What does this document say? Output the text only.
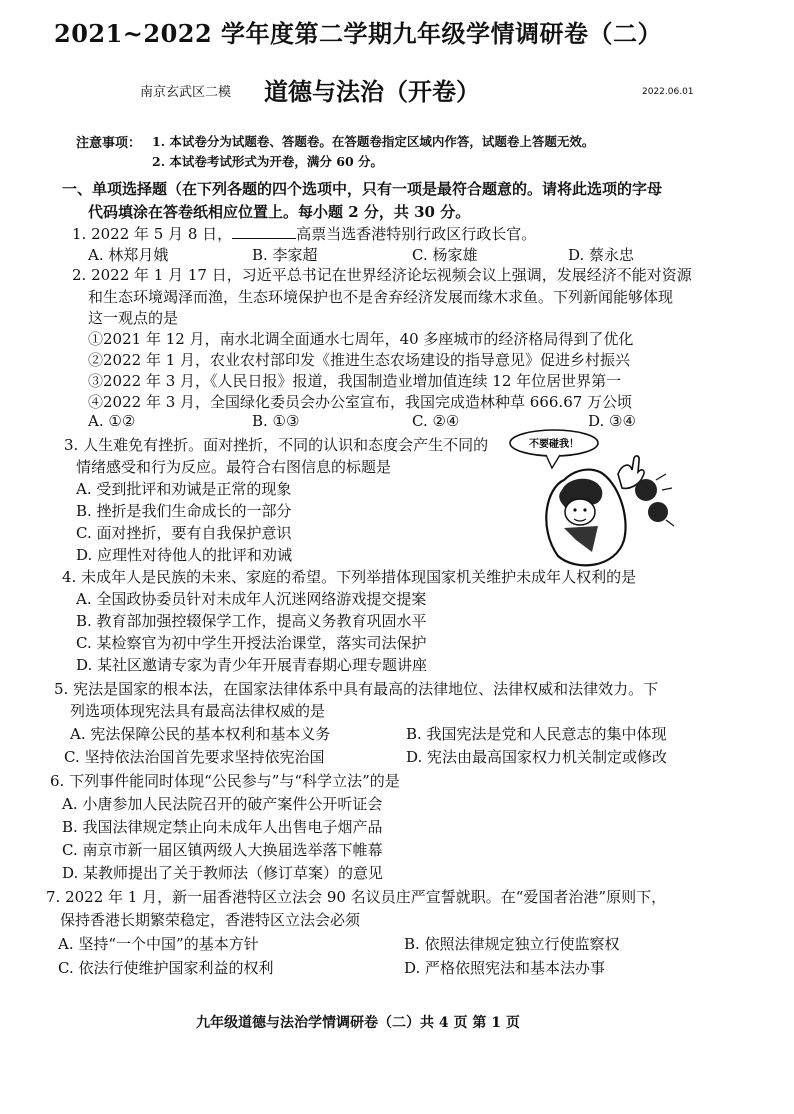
2021~2022 学年度第二学期九年级学情调研卷（二）
南京玄武区二模 道德与法治（开卷）	2022.06.01
注意事项： 1. 本试卷分为试题卷、答题卷。在答题卷指定区域内作答，试题卷上答题无效。
2. 本试卷考试形式为开卷，满分 60 分。
一、单项选择题（在下列各题的四个选项中，只有一项是最符合题意的。请将此选项的字母
代码填涂在答卷纸相应位置上。每小题 2 分，共 30 分。
1. 2022 年 5 月 8 日，	高票当选香港特别行政区行政长官。
A. 林郑月娥	B. 李家超	C. 杨家雄	D. 蔡永忠
2. 2022 年 1 月 17 日，习近平总书记在世界经济论坛视频会议上强调，发展经济不能对资源
和生态环境竭泽而渔，生态环境保护也不是舍弃经济发展而缘木求鱼。下列新闻能够体现
这一观点的是
①2021 年 12 月，南水北调全面通水七周年，40 多座城市的经济格局得到了优化
②2022 年 1 月，农业农村部印发《推进生态农场建设的指导意见》促进乡村振兴
③2022 年 3 月，《人民日报》报道，我国制造业增加值连续 12 年位居世界第一
④2022 年 3 月，全国绿化委员会办公室宣布，我国完成造林种草 666.67 万公顷
A. ①②	B. ①③	C. ②④	D. ③④
3. 人生难免有挫折。面对挫折，不同的认识和态度会产生不同的
情绪感受和行为反应。最符合右图信息的标题是
A. 受到批评和劝诫是正常的现象
B. 挫折是我们生命成长的一部分
C. 面对挫折，要有自我保护意识
D. 应理性对待他人的批评和劝诫
不要碰我！
4. 未成年人是民族的未来、家庭的希望。下列举措体现国家机关维护未成年人权利的是
A. 全国政协委员针对未成年人沉迷网络游戏提交提案
B. 教育部加强控辍保学工作，提高义务教育巩固水平
C. 某检察官为初中学生开授法治课堂，落实司法保护
D. 某社区邀请专家为青少年开展青春期心理专题讲座
5. 宪法是国家的根本法，在国家法律体系中具有最高的法律地位、法律权威和法律效力。下
列选项体现宪法具有最高法律权威的是
A. 宪法保障公民的基本权利和基本义务	B. 我国宪法是党和人民意志的集中体现
C. 坚持依法治国首先要求坚持依宪治国	D. 宪法由最高国家权力机关制定或修改
6. 下列事件能同时体现“公民参与”与“科学立法”的是
A. 小唐参加人民法院召开的破产案件公开听证会
B. 我国法律规定禁止向未成年人出售电子烟产品
C. 南京市新一届区镇两级人大换届选举落下帷幕
D. 某教师提出了关于教师法（修订草案）的意见
7. 2022 年 1 月，新一届香港特区立法会 90 名议员庄严宣誓就职。在“爱国者治港”原则下，
保持香港长期繁荣稳定，香港特区立法会必须
A. 坚持“一个中国”的基本方针	B. 依照法律规定独立行使监察权
C. 依法行使维护国家利益的权利	D. 严格依照宪法和基本法办事
九年级道德与法治学情调研卷（二）共 4 页 第 1 页
